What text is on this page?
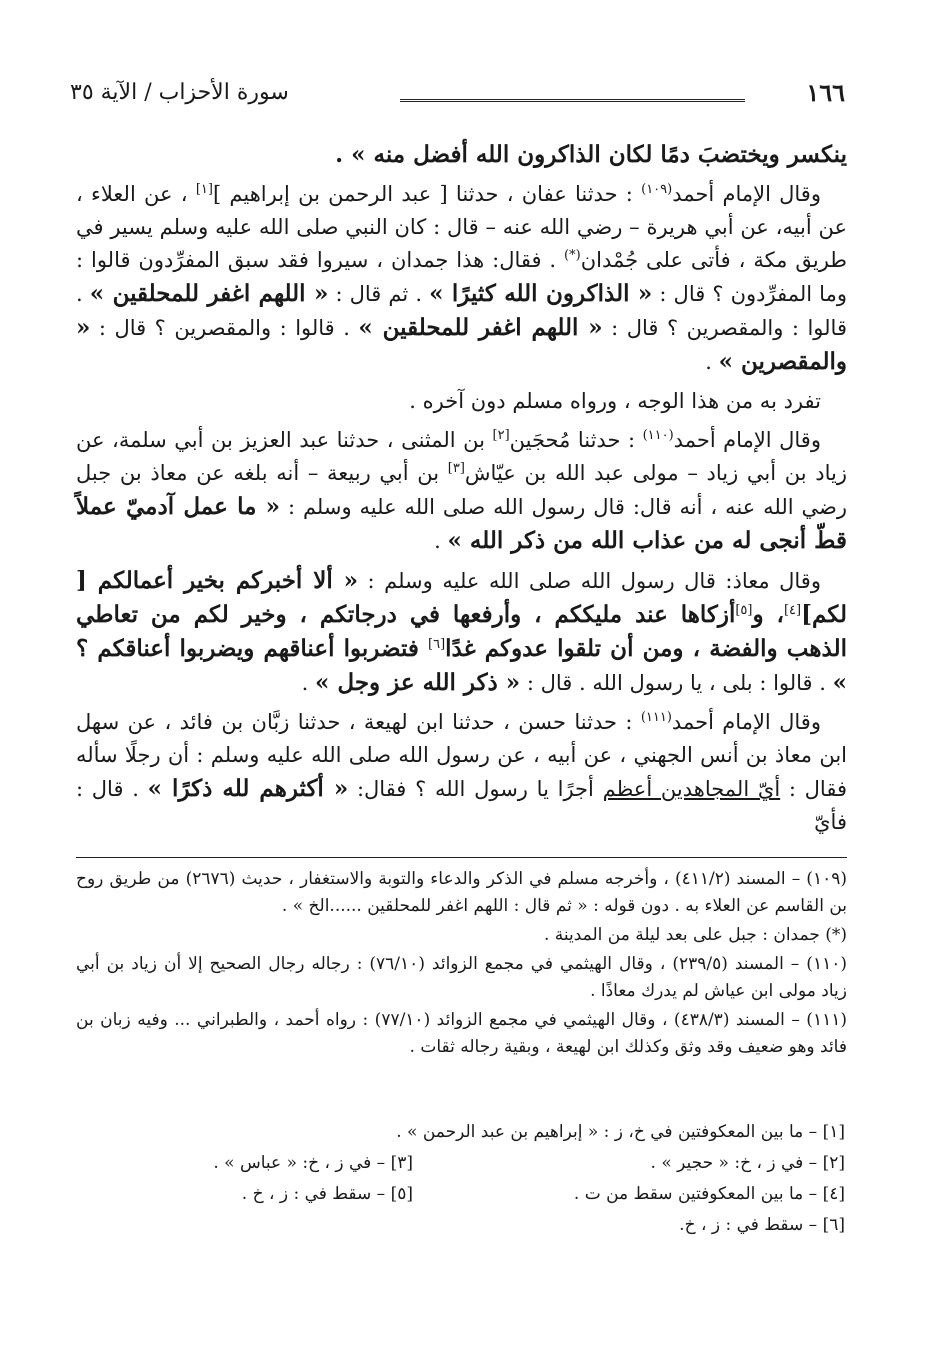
١٦٦
سورة الأحزاب / الآية ٣٥

ينكسر ويختضبَ دمًا لكان الذاكرون الله أفضل منه » .

وقال الإمام أحمد$^{(١٠٩)}$ : حدثنا عفان ، حدثنا [ عبد الرحمن بن إبراهيم ][١] ، عن العلاء ، عن أبيه، عن أبي هريرة – رضي الله عنه – قال : كان النبي صلى الله عليه وسلم يسير في طريق مكة ، فأتى على جُمْدان(*) . فقال: هذا جمدان ، سيروا فقد سبق المفرِّدون قالوا : وما المفرِّدون ؟ قال : « الذاكرون الله كثيرًا » . ثم قال : « اللهم اغفر للمحلقين » . قالوا : والمقصرين ؟ قال : « اللهم اغفر للمحلقين » . قالوا : والمقصرين ؟ قال : « والمقصرين » .

تفرد به من هذا الوجه ، ورواه مسلم دون آخره .

وقال الإمام أحمد$^{(١١٠)}$ : حدثنا مُحجَين[٢] بن المثنى ، حدثنا عبد العزيز بن أبي سلمة، عن زياد بن أبي زياد – مولى عبد الله بن عيّاش[٣] بن أبي ربيعة – أنه بلغه عن معاذ بن جبل رضي الله عنه ، أنه قال: قال رسول الله صلى الله عليه وسلم : « ما عمل آدميّ عملاً قطّ أنجى له من عذاب الله من ذكر الله » .

وقال معاذ: قال رسول الله صلى الله عليه وسلم : « ألا أخبركم بخير أعمالكم [ لكم][٤]، و[٥]أزكاها عند مليككم ، وأرفعها في درجاتكم ، وخير لكم من تعاطي الذهب والفضة ، ومن أن تلقوا عدوكم غدًا[٦] فتضربوا أعناقهم ويضربوا أعناقكم ؟ » . قالوا : بلى ، يا رسول الله . قال : « ذكر الله عز وجل » .

وقال الإمام أحمد$^{(١١١)}$ : حدثنا حسن ، حدثنا ابن لهيعة ، حدثنا زبَّان بن فائد ، عن سهل ابن معاذ بن أنس الجهني ، عن أبيه ، عن رسول الله صلى الله عليه وسلم : أن رجلًا سأله فقال : أيّ المجاهدين أعظم أجرًا يا رسول الله ؟ فقال: « أكثرهم لله ذكرًا » . قال : فأيّ

(١٠٩) – المسند (٤١١/٢) ، وأخرجه مسلم في الذكر والدعاء والتوبة والاستغفار ، حديث (٢٦٧٦) من طريق روح بن القاسم عن العلاء به . دون قوله : « ثم قال : اللهم اغفر للمحلقين ......الخ » .

(*) جمدان : جبل على بعد ليلة من المدينة .

(١١٠) – المسند (٢٣٩/٥) ، وقال الهيثمي في مجمع الزوائد (٧٦/١٠) : رجاله رجال الصحيح إلا أن زياد بن أبي زياد مولى ابن عياش لم يدرك معاذًا .

(١١١) – المسند (٤٣٨/٣) ، وقال الهيثمي في مجمع الزوائد (٧٧/١٠) : رواه أحمد ، والطبراني ... وفيه زبان بن فائد وهو ضعيف وقد وثق وكذلك ابن لهيعة ، وبقية رجاله ثقات .

[١] – ما بين المعكوفتين في خ، ز : « إبراهيم بن عبد الرحمن » .
[٢] – في ز ، خ: « حجير » .
[٣] – في ز ، خ: « عباس » .
[٤] – ما بين المعكوفتين سقط من ت .
[٥] – سقط في : ز ، خ .
[٦] – سقط في : ز ، خ.
